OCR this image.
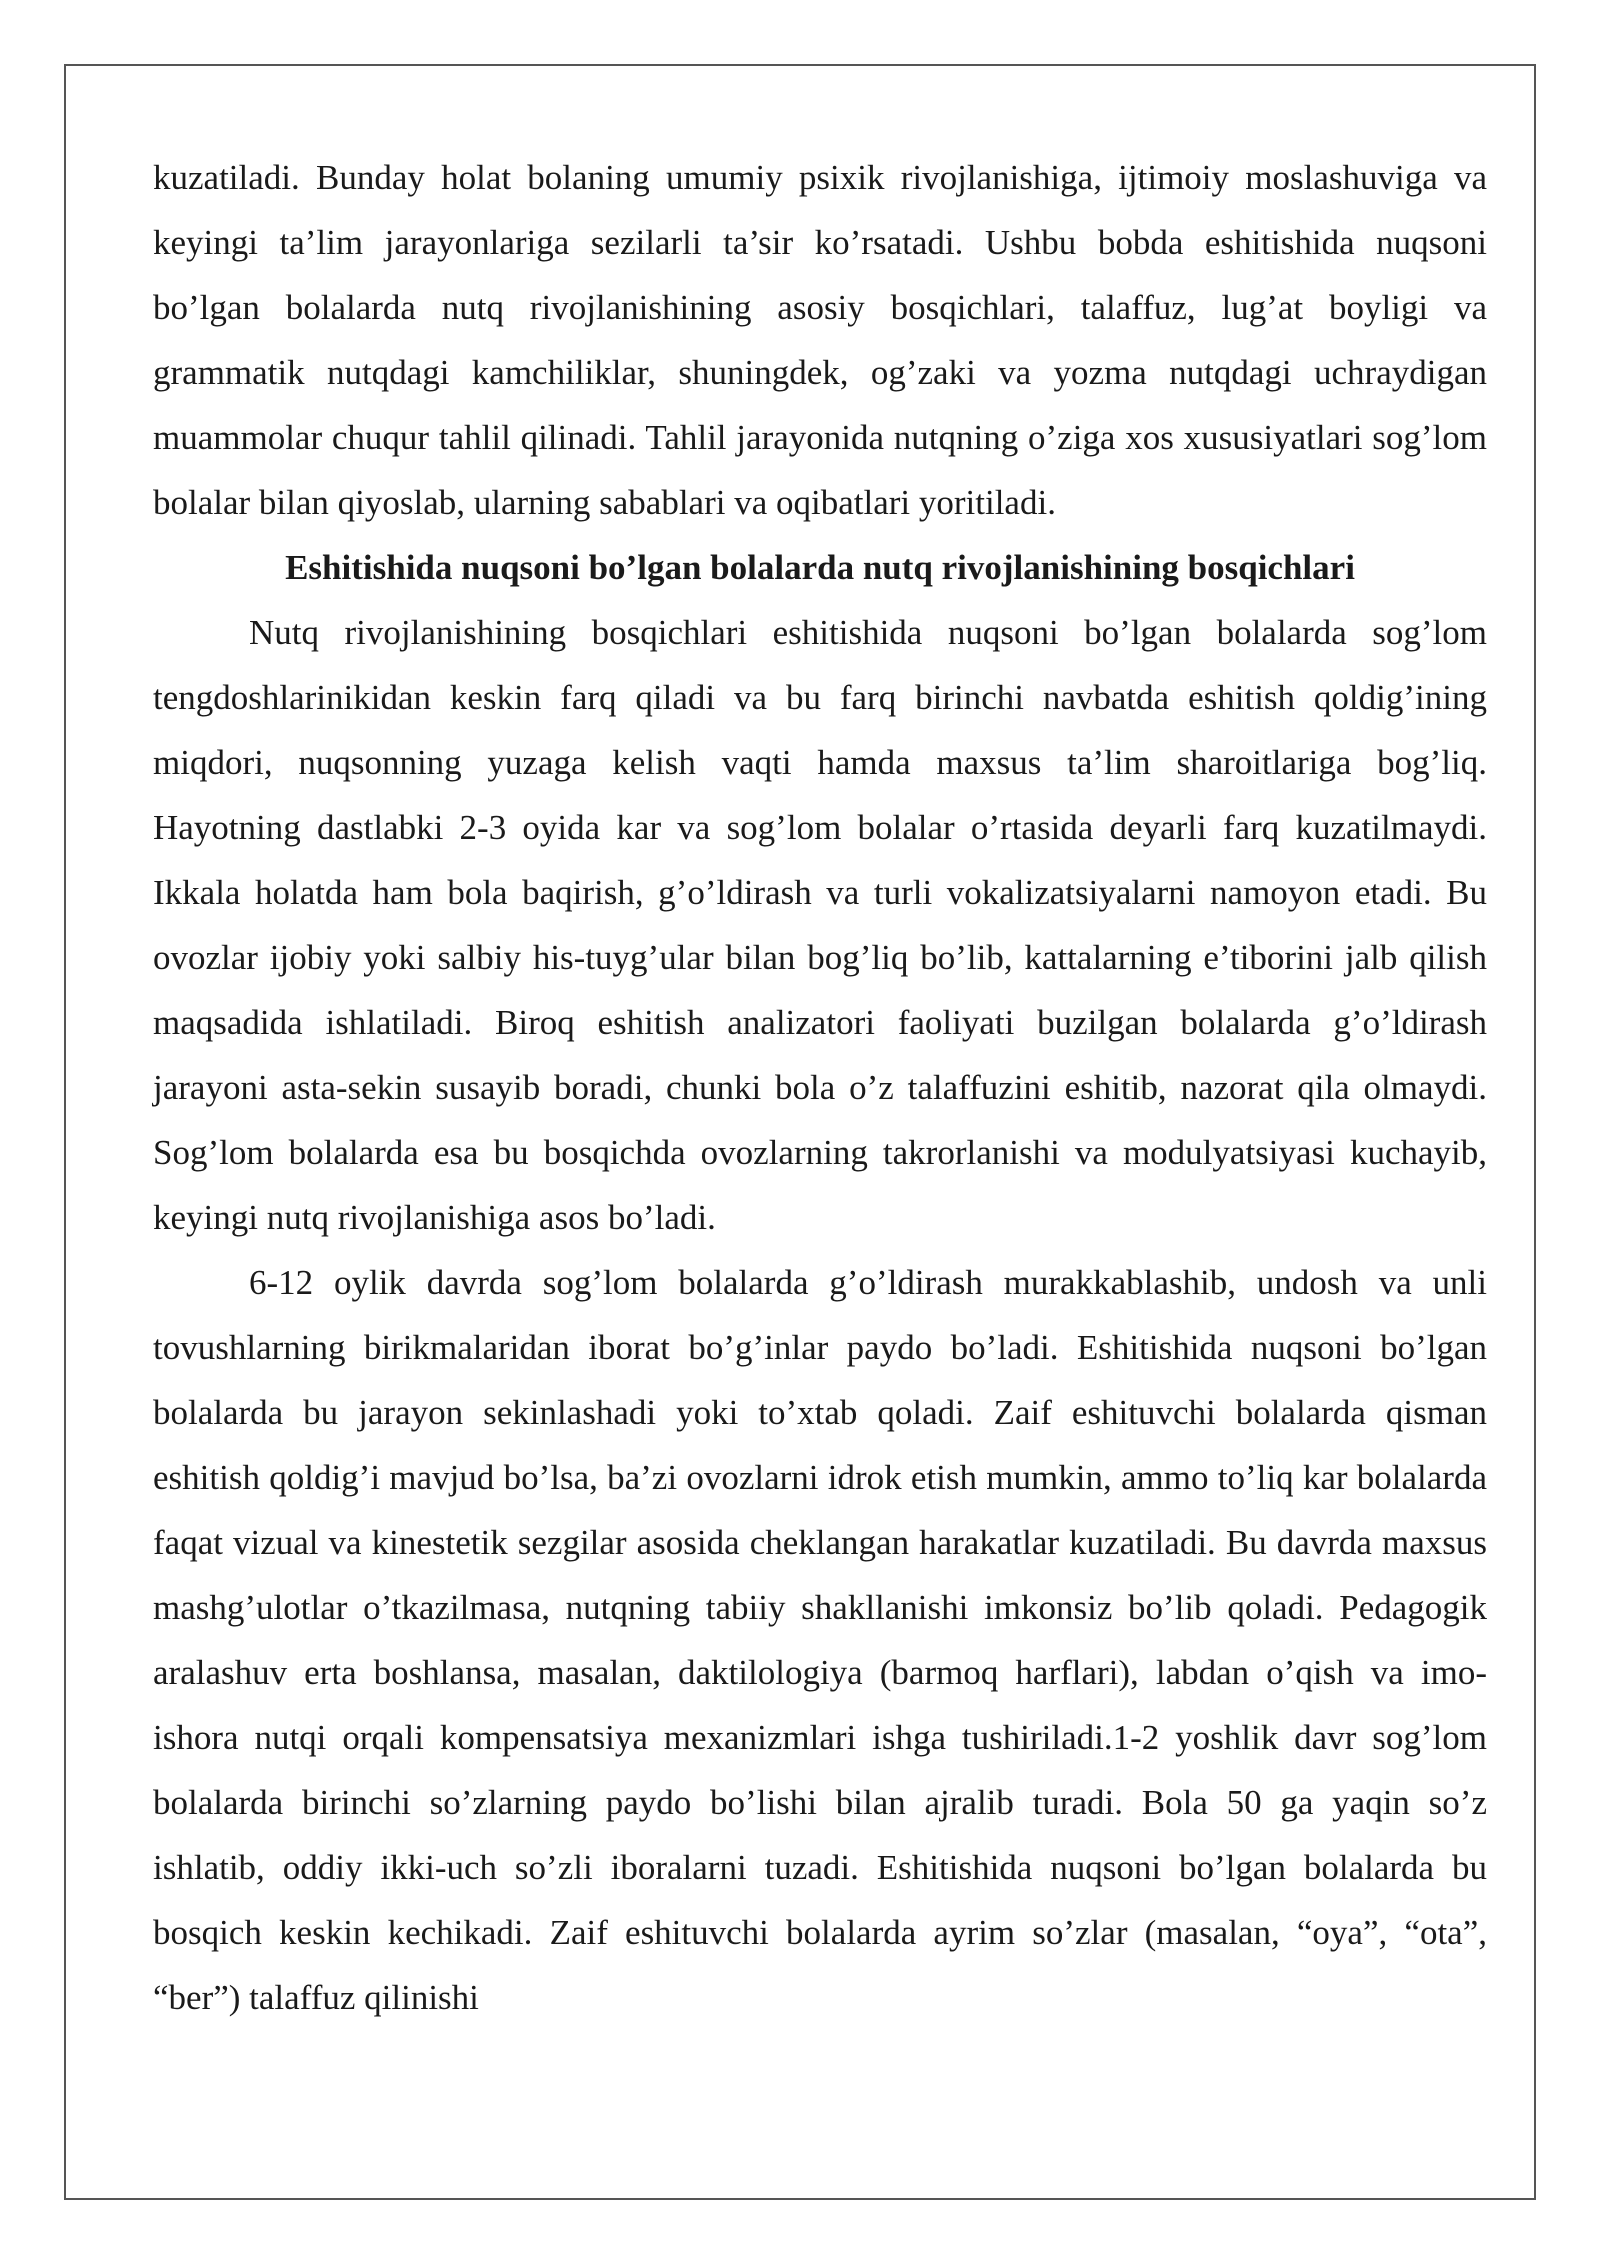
kuzatiladi. Bunday holat bolaning umumiy psixik rivojlanishiga, ijtimoiy moslashuviga va keyingi ta’lim jarayonlariga sezilarli ta’sir ko’rsatadi. Ushbu bobda eshitishida nuqsoni bo’lgan bolalarda nutq rivojlanishining asosiy bosqichlari, talaffuz, lug’at boyligi va grammatik nutqdagi kamchiliklar, shuningdek, og’zaki va yozma nutqdagi uchraydigan muammolar chuqur tahlil qilinadi. Tahlil jarayonida nutqning o’ziga xos xususiyatlari sog’lom bolalar bilan qiyoslab, ularning sabablari va oqibatlari yoritiladi.

Eshitishida nuqsoni bo’lgan bolalarda nutq rivojlanishining bosqichlari

Nutq rivojlanishining bosqichlari eshitishida nuqsoni bo’lgan bolalarda sog’lom tengdoshlarinikidan keskin farq qiladi va bu farq birinchi navbatda eshitish qoldig’ining miqdori, nuqsonning yuzaga kelish vaqti hamda maxsus ta’lim sharoitlariga bog’liq. Hayotning dastlabki 2-3 oyida kar va sog’lom bolalar o’rtasida deyarli farq kuzatilmaydi. Ikkala holatda ham bola baqirish, g’o’ldirash va turli vokalizatsiyalarni namoyon etadi. Bu ovozlar ijobiy yoki salbiy his-tuyg’ular bilan bog’liq bo’lib, kattalarning e’tiborini jalb qilish maqsadida ishlatiladi. Biroq eshitish analizatori faoliyati buzilgan bolalarda g’o’ldirash jarayoni asta-sekin susayib boradi, chunki bola o’z talaffuzini eshitib, nazorat qila olmaydi. Sog’lom bolalarda esa bu bosqichda ovozlarning takrorlanishi va modulyatsiyasi kuchayib, keyingi nutq rivojlanishiga asos bo’ladi.

6-12 oylik davrda sog’lom bolalarda g’o’ldirash murakkablashib, undosh va unli tovushlarning birikmalaridan iborat bo’g’inlar paydo bo’ladi. Eshitishida nuqsoni bo’lgan bolalarda bu jarayon sekinlashadi yoki to’xtab qoladi. Zaif eshituvchi bolalarda qisman eshitish qoldig’i mavjud bo’lsa, ba’zi ovozlarni idrok etish mumkin, ammo to’liq kar bolalarda faqat vizual va kinestetik sezgilar asosida cheklangan harakatlar kuzatiladi. Bu davrda maxsus mashg’ulotlar o’tkazilmasa, nutqning tabiiy shakllanishi imkonsiz bo’lib qoladi. Pedagogik aralashuv erta boshlansa, masalan, daktilologiya (barmoq harflari), labdan o’qish va imo-ishora nutqi orqali kompensatsiya mexanizmlari ishga tushiriladi.1-2 yoshlik davr sog’lom bolalarda birinchi so’zlarning paydo bo’lishi bilan ajralib turadi. Bola 50 ga yaqin so’z ishlatib, oddiy ikki-uch so’zli iboralarni tuzadi. Eshitishida nuqsoni bo’lgan bolalarda bu bosqich keskin kechikadi. Zaif eshituvchi bolalarda ayrim so’zlar (masalan, “oya”, “ota”, “ber”) talaffuz qilinishi
